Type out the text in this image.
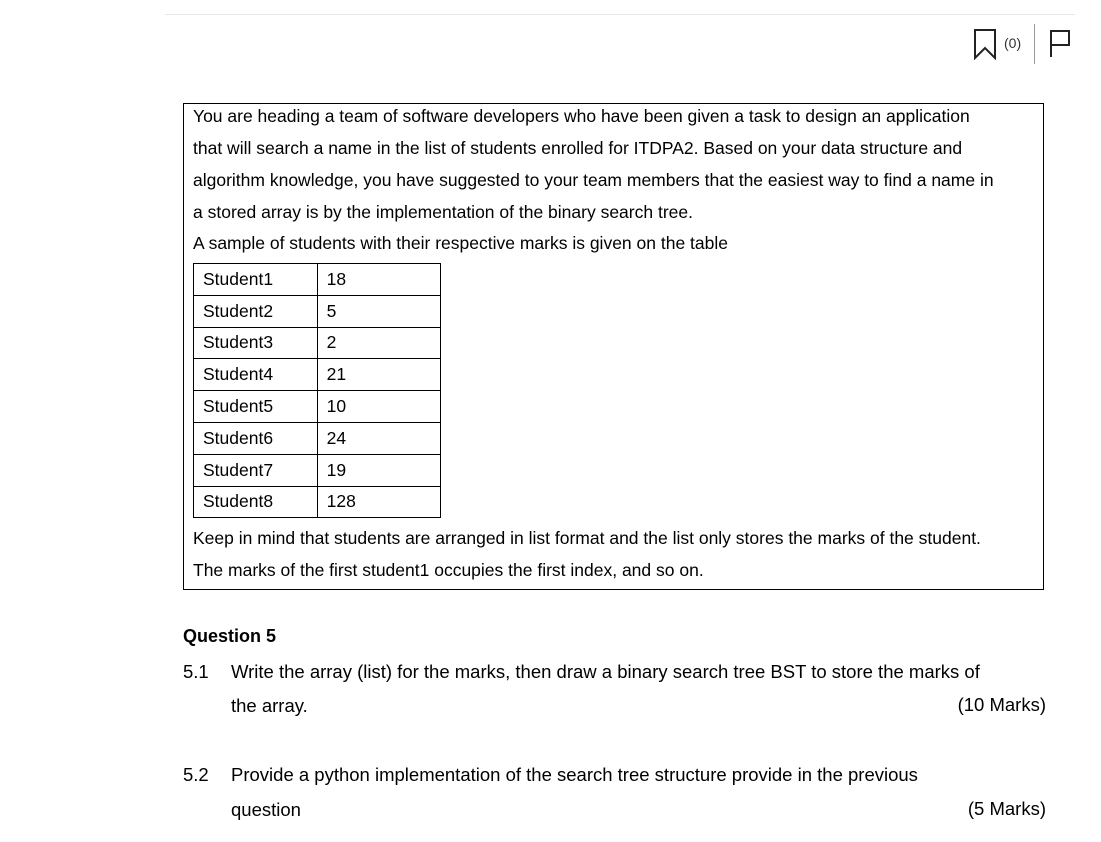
(0)
You are heading a team of software developers who have been given a task to design an application
that will search a name in the list of students enrolled for ITDPA2. Based on your data structure and
algorithm knowledge, you have suggested to your team members that the easiest way to find a name in
a stored array is by the implementation of the binary search tree.
A sample of students with their respective marks is given on the table
Student1	18
Student2	5
Student3	2
Student4	21
Student5	10
Student6	24
Student7	19
Student8	128
Keep in mind that students are arranged in list format and the list only stores the marks of the student.
The marks of the first student1 occupies the first index, and so on.
Question 5
5.1 Write the array (list) for the marks, then draw a binary search tree BST to store the marks of
the array.	(10 Marks)
5.2 Provide a python implementation of the search tree structure provide in the previous
question	(5 Marks)
